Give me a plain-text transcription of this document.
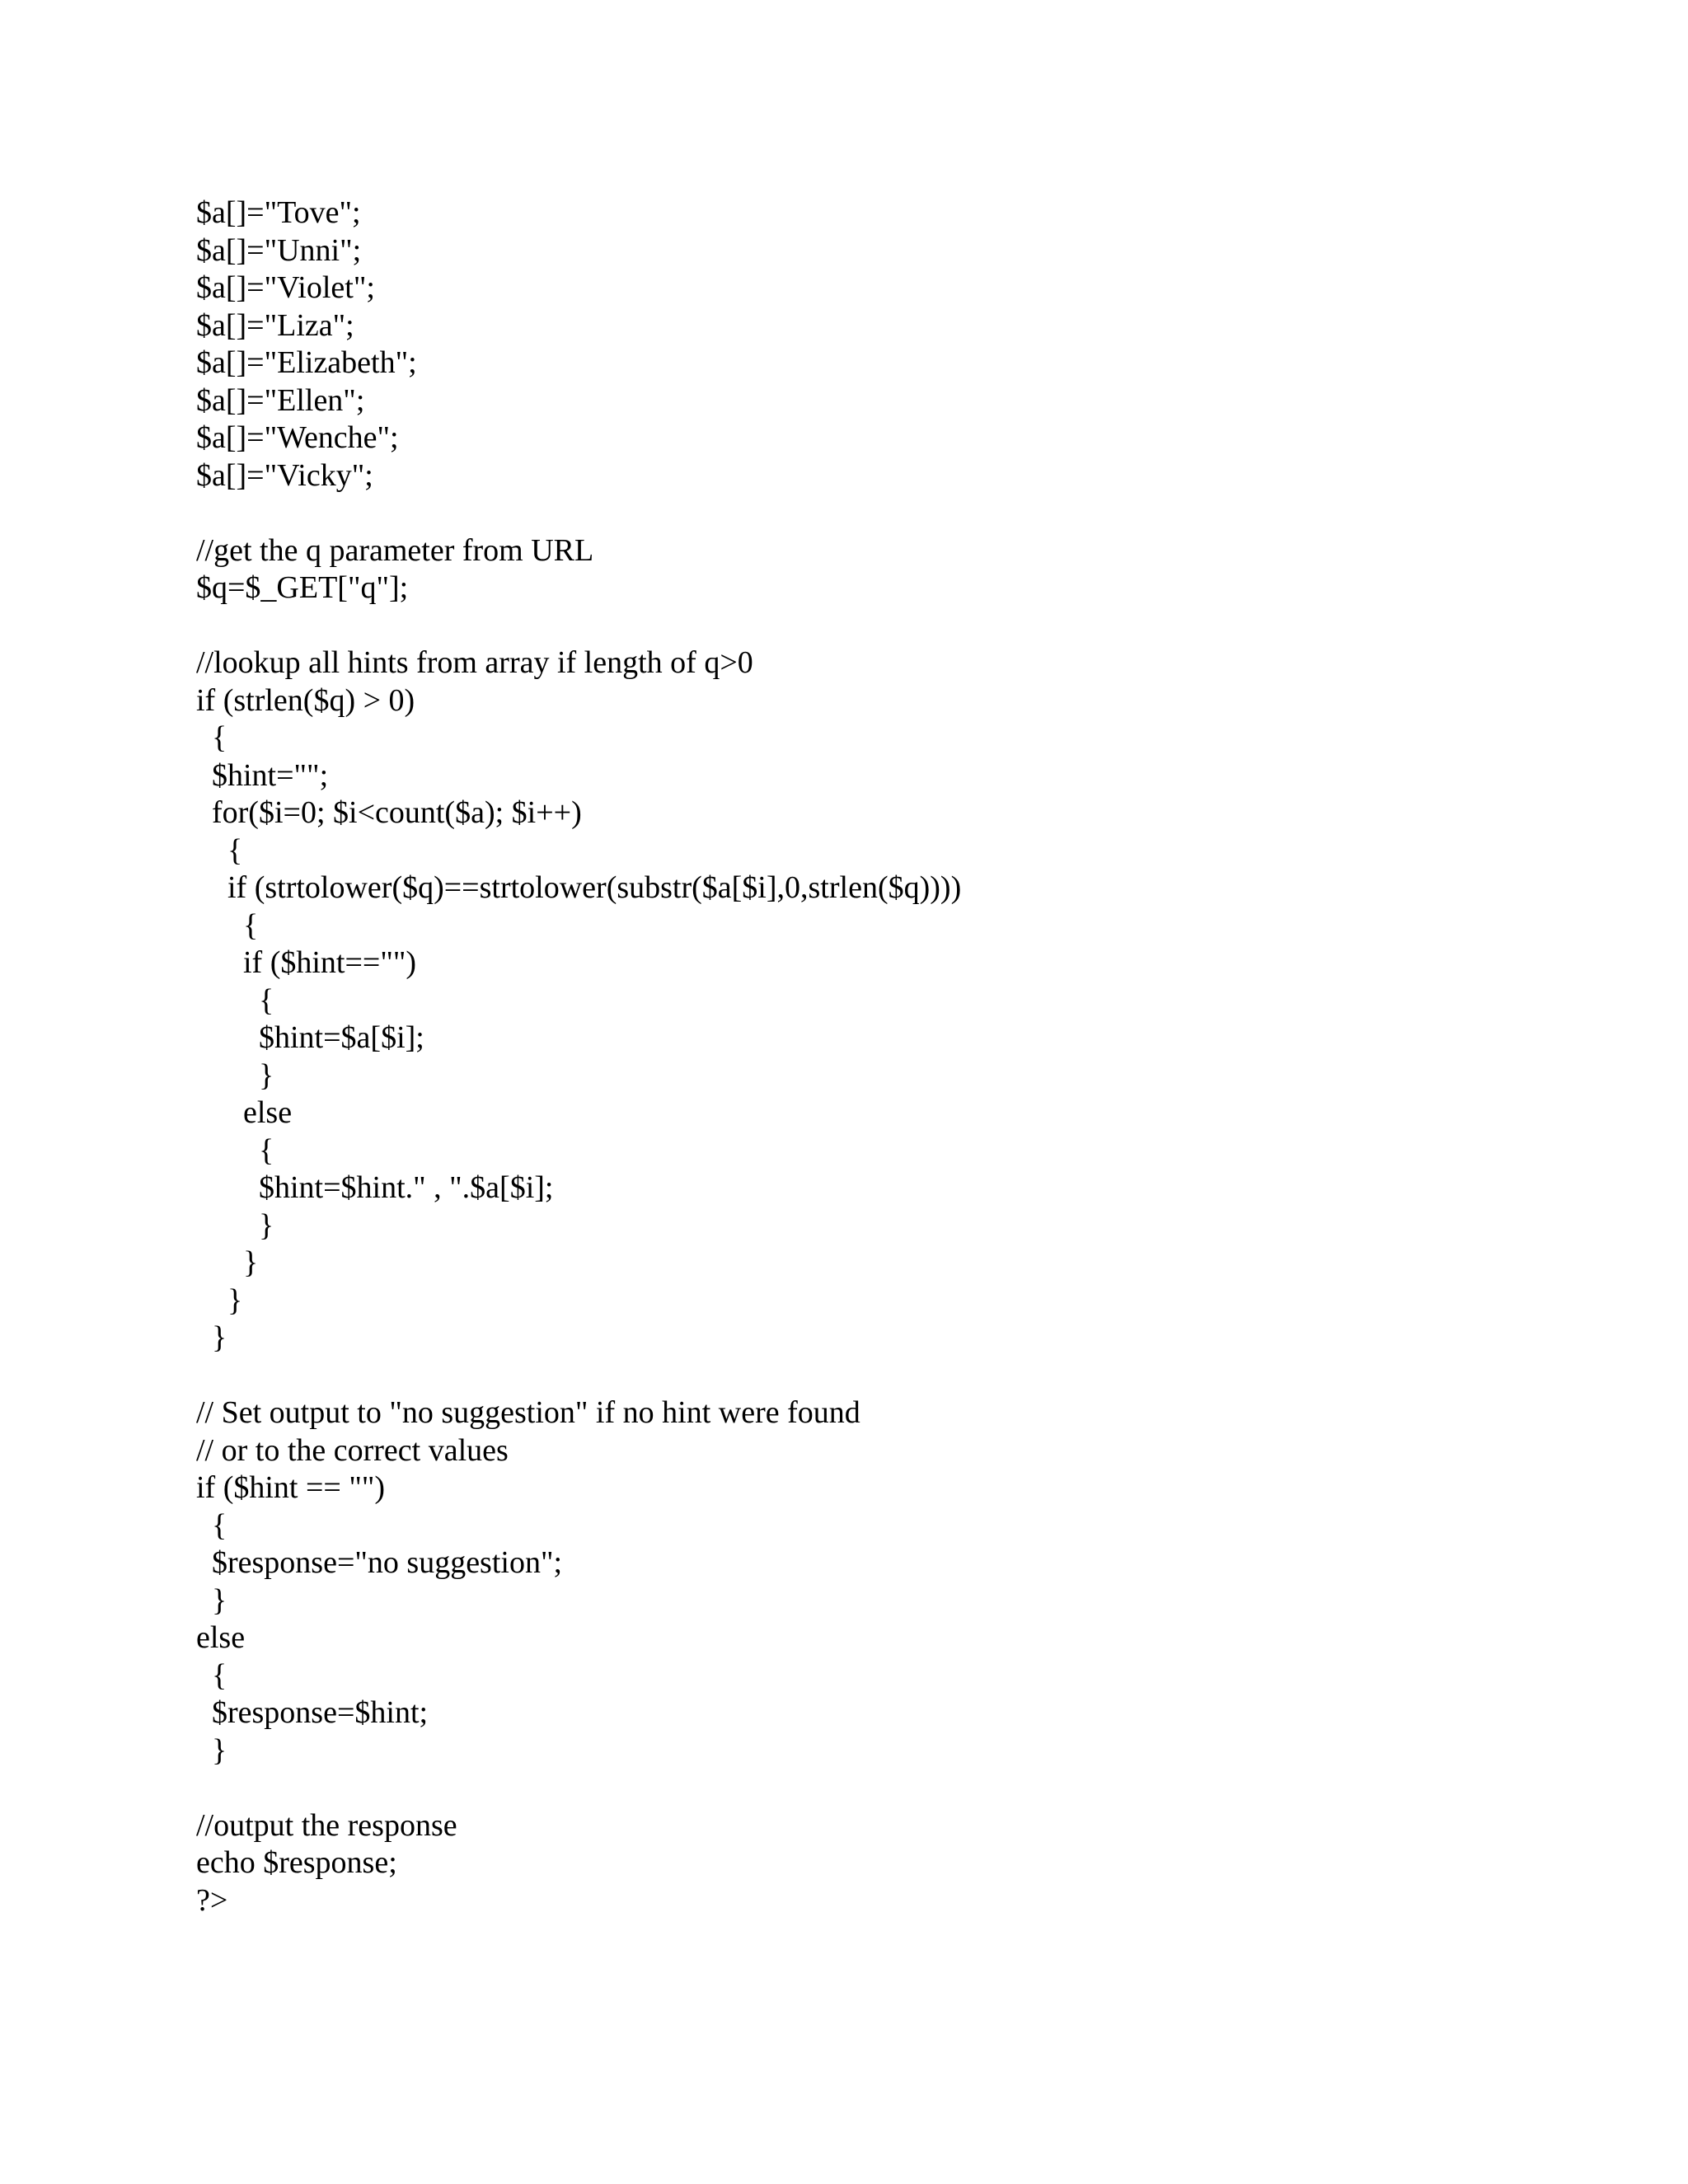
$a[]="Tove";
$a[]="Unni";
$a[]="Violet";
$a[]="Liza";
$a[]="Elizabeth";
$a[]="Ellen";
$a[]="Wenche";
$a[]="Vicky";
//get the q parameter from URL
$q=$_GET["q"];
//lookup all hints from array if length of q>0
if (strlen($q) > 0)
{
$hint="";
for($i=0; $i<count($a); $i++)
{
if (strtolower($q)==strtolower(substr($a[$i],0,strlen($q))))
{
if ($hint=="")
{
$hint=$a[$i];
}
else
{
$hint=$hint." , ".$a[$i];
}
}
}
}
// Set output to "no suggestion" if no hint were found
// or to the correct values
if ($hint == "")
{
$response="no suggestion";
}
else
{
$response=$hint;
}
//output the response
echo $response;
?>
